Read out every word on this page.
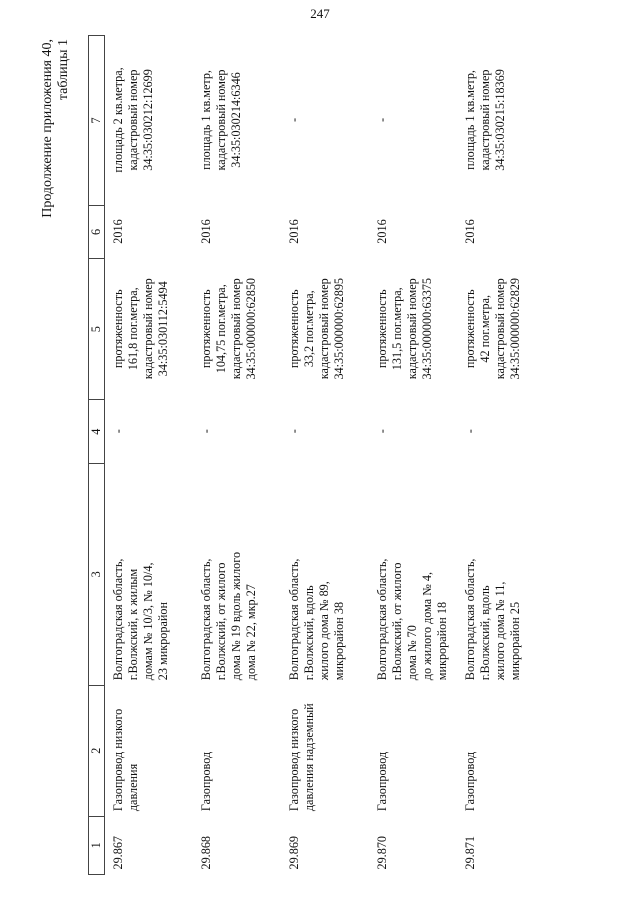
247
Продолжение приложения 40, таблицы 1
1	2	3	4	5	6	7
29.867	Газопровод низкого давления	Волгоградская область, г.Волжский, к жилым домам № 10/3, № 10/4, 23 микрорайон	-	протяженность 161,8 пог.метра, кадастровый номер 34:35:030112:5494	2016	площадь 2 кв.метра, кадастровый номер 34:35:030212:12699

29.868	Газопровод	Волгоградская область, г.Волжский, от жилого дома № 19 вдоль жилого дома № 22, мкр.27	-	протяженность 104,75 пог.метра, кадастровый номер 34:35:000000:62850	2016	площадь 1 кв.метр, кадастровый номер 34:35:030214:6346

29.869	Газопровод низкого давления надземный	Волгоградская область, г.Волжский, вдоль жилого дома № 89, микрорайон 38	-	протяженность 33,2 пог.метра, кадастровый номер 34:35:000000:62895	2016	-

29.870	Газопровод	Волгоградская область, г.Волжский, от жилого дома № 70 до жилого дома № 4, микрорайон 18	-	протяженность 131,5 пог.метра, кадастровый номер 34:35:000000:63375	2016	-

29.871	Газопровод	Волгоградская область, г.Волжский, вдоль жилого дома № 11, микрорайон 25	-	протяженность 42 пог.метра, кадастровый номер 34:35:000000:62829	2016	площадь 1 кв.метр, кадастровый номер 34:35:030215:18369
